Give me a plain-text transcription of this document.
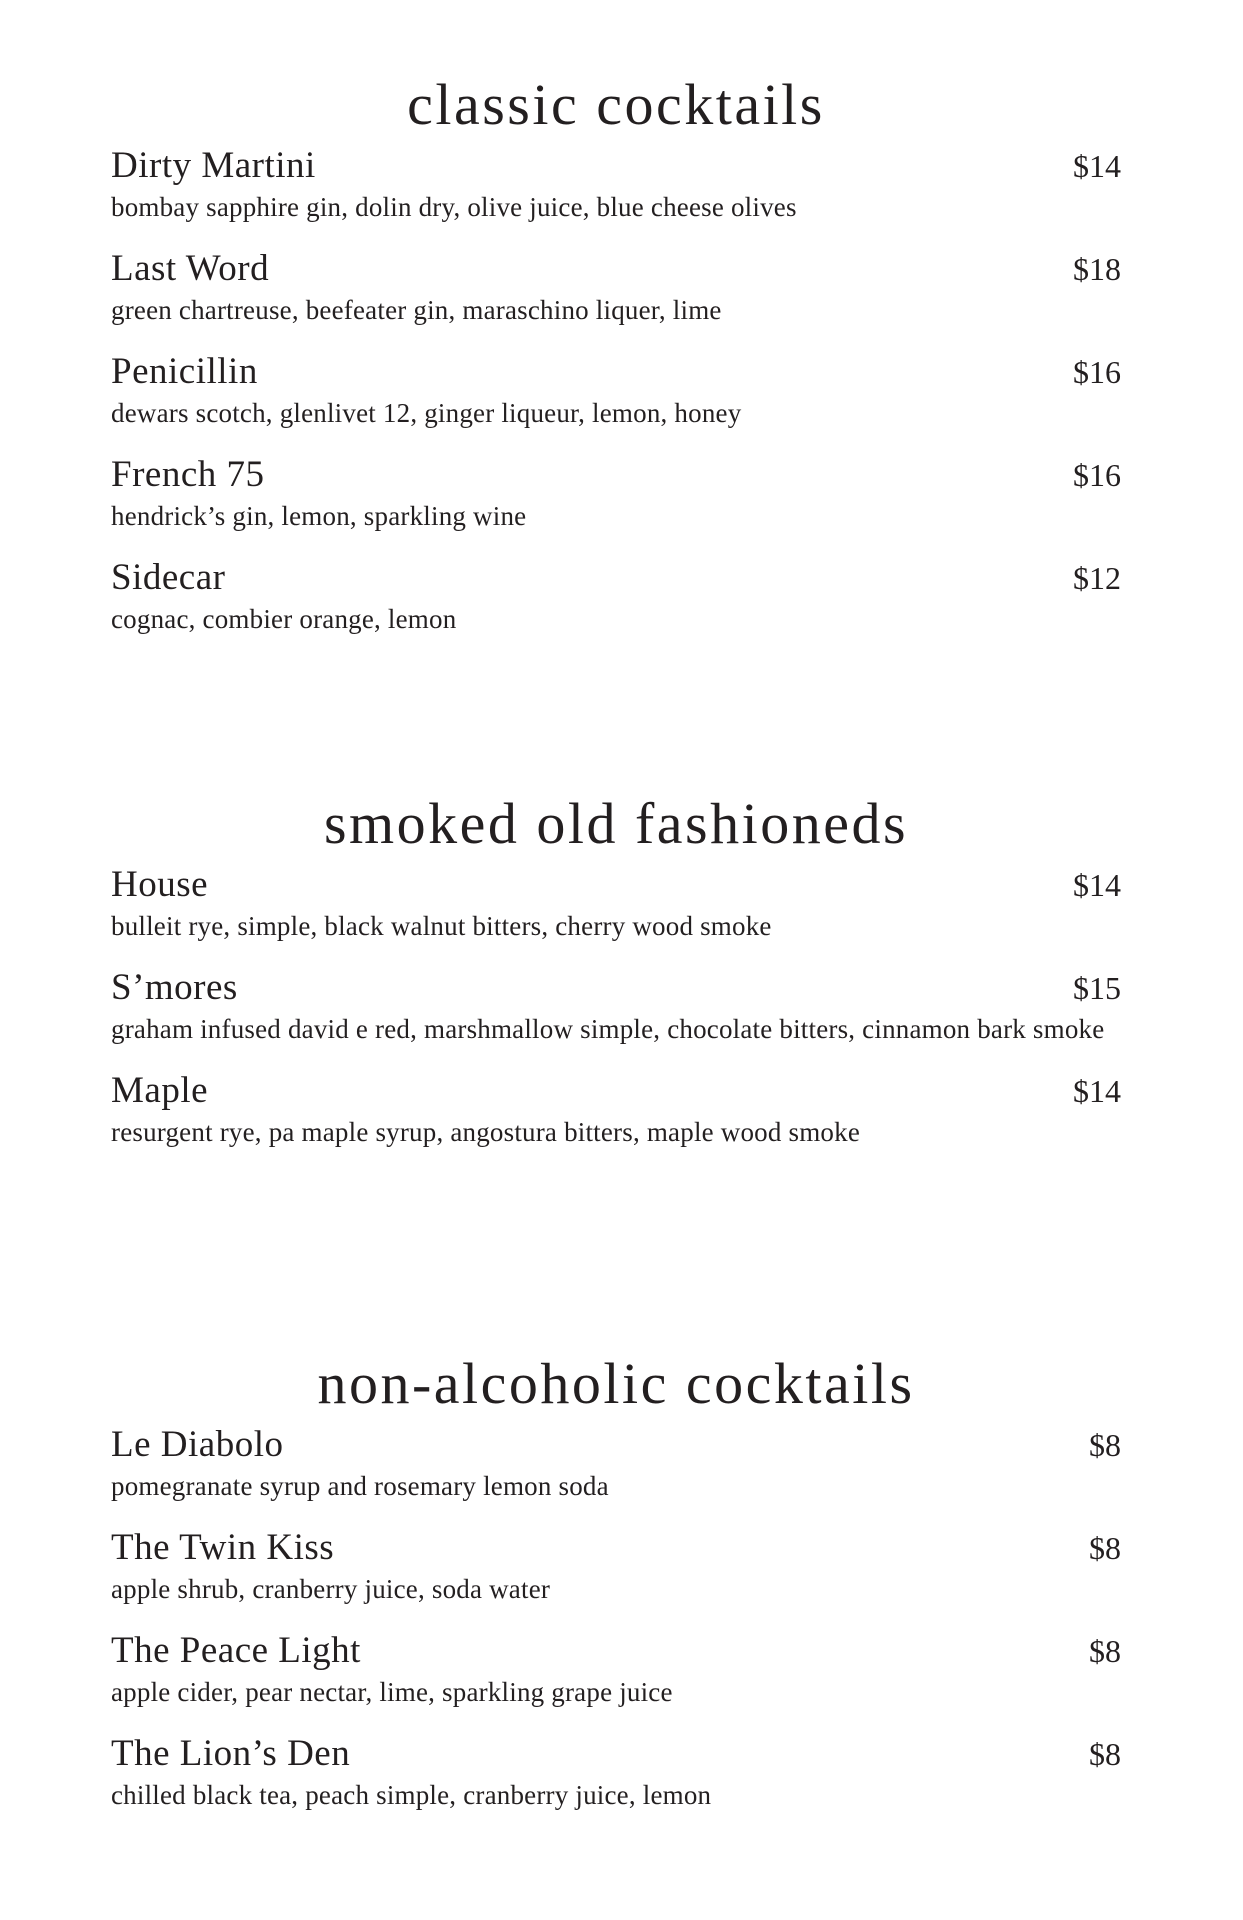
classic cocktails
Dirty Martini	$14
bombay sapphire gin, dolin dry, olive juice, blue cheese olives
Last Word	$18
green chartreuse, beefeater gin, maraschino liquer, lime
Penicillin	$16
dewars scotch, glenlivet 12, ginger liqueur, lemon, honey
French 75	$16
hendrick’s gin, lemon, sparkling wine
Sidecar	$12
cognac, combier orange, lemon
smoked old fashioneds
House	$14
bulleit rye, simple, black walnut bitters, cherry wood smoke
S’mores	$15
graham infused david e red, marshmallow simple, chocolate bitters, cinnamon bark smoke
Maple	$14
resurgent rye, pa maple syrup, angostura bitters, maple wood smoke
non-alcoholic cocktails
Le Diabolo	$8
pomegranate syrup and rosemary lemon soda
The Twin Kiss	$8
apple shrub, cranberry juice, soda water
The Peace Light	$8
apple cider, pear nectar, lime, sparkling grape juice
The Lion’s Den	$8
chilled black tea, peach simple, cranberry juice, lemon
